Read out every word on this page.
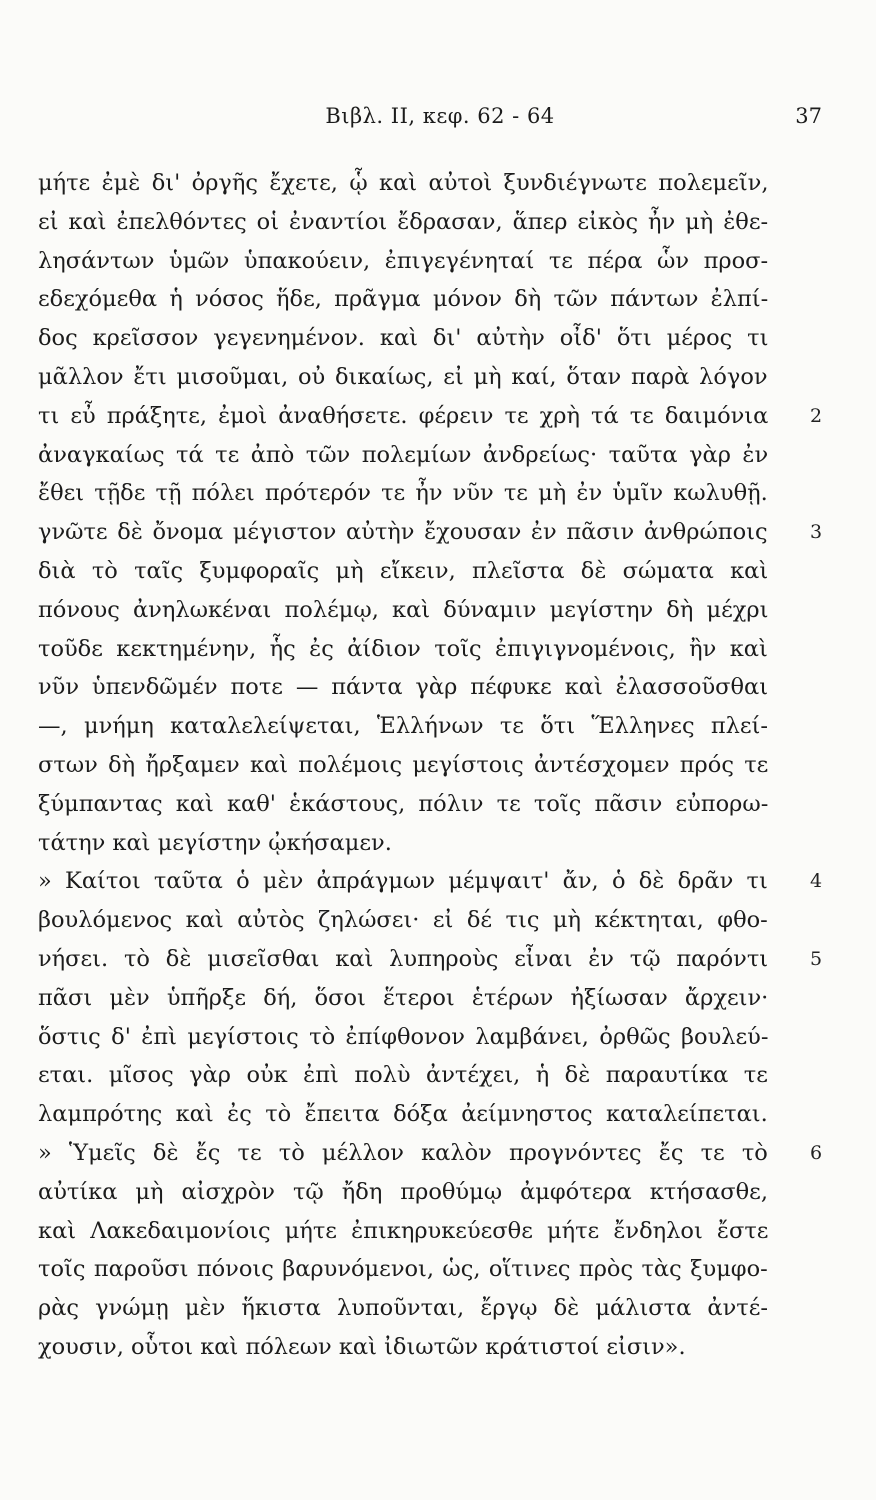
Βιβλ. II, κεφ. 62 - 64	37
μήτε ἐμὲ δι' ὀργῆς ἔχετε, ᾧ καὶ αὐτοὶ ξυνδιέγνωτε πολεμεῖν,
εἰ καὶ ἐπελθόντες οἱ ἐναντίοι ἔδρασαν, ἅπερ εἰκὸς ἦν μὴ ἐθε-
λησάντων ὑμῶν ὑπακούειν, ἐπιγεγένηταί τε πέρα ὧν προσ-
εδεχόμεθα ἡ νόσος ἥδε, πρᾶγμα μόνον δὴ τῶν πάντων ἐλπί-
δος κρεῖσσον γεγενημένον. καὶ δι' αὐτὴν οἶδ' ὅτι μέρος τι
μᾶλλον ἔτι μισοῦμαι, οὐ δικαίως, εἰ μὴ καί, ὅταν παρὰ λόγον
τι εὖ πράξητε, ἐμοὶ ἀναθήσετε. φέρειν τε χρὴ τά τε δαιμόνια 2
ἀναγκαίως τά τε ἀπὸ τῶν πολεμίων ἀνδρείως· ταῦτα γὰρ ἐν
ἔθει τῇδε τῇ πόλει πρότερόν τε ἦν νῦν τε μὴ ἐν ὑμῖν κωλυθῇ.
γνῶτε δὲ ὄνομα μέγιστον αὐτὴν ἔχουσαν ἐν πᾶσιν ἀνθρώποις 3
διὰ τὸ ταῖς ξυμφοραῖς μὴ εἴκειν, πλεῖστα δὲ σώματα καὶ
πόνους ἀνηλωκέναι πολέμῳ, καὶ δύναμιν μεγίστην δὴ μέχρι
τοῦδε κεκτημένην, ἧς ἐς ἀίδιον τοῖς ἐπιγιγνομένοις, ἢν καὶ
νῦν ὑπενδῶμέν ποτε — πάντα γὰρ πέφυκε καὶ ἐλασσοῦσθαι
—, μνήμη καταλελείψεται, Ἑλλήνων τε ὅτι Ἕλληνες πλεί-
στων δὴ ἤρξαμεν καὶ πολέμοις μεγίστοις ἀντέσχομεν πρός τε
ξύμπαντας καὶ καθ' ἑκάστους, πόλιν τε τοῖς πᾶσιν εὐπορω-
τάτην καὶ μεγίστην ᾠκήσαμεν.
» Καίτοι ταῦτα ὁ μὲν ἀπράγμων μέμψαιτ' ἄν, ὁ δὲ δρᾶν τι 4
βουλόμενος καὶ αὐτὸς ζηλώσει· εἰ δέ τις μὴ κέκτηται, φθο-
νήσει. τὸ δὲ μισεῖσθαι καὶ λυπηροὺς εἶναι ἐν τῷ παρόντι 5
πᾶσι μὲν ὑπῆρξε δή, ὅσοι ἕτεροι ἑτέρων ἠξίωσαν ἄρχειν·
ὅστις δ' ἐπὶ μεγίστοις τὸ ἐπίφθονον λαμβάνει, ὀρθῶς βουλεύ-
εται. μῖσος γὰρ οὐκ ἐπὶ πολὺ ἀντέχει, ἡ δὲ παραυτίκα τε
λαμπρότης καὶ ἐς τὸ ἔπειτα δόξα ἀείμνηστος καταλείπεται.
» Ὑμεῖς δὲ ἔς τε τὸ μέλλον καλὸν προγνόντες ἔς τε τὸ 6
αὐτίκα μὴ αἰσχρὸν τῷ ἤδη προθύμῳ ἀμφότερα κτήσασθε,
καὶ Λακεδαιμονίοις μήτε ἐπικηρυκεύεσθε μήτε ἔνδηλοι ἔστε
τοῖς παροῦσι πόνοις βαρυνόμενοι, ὡς, οἵτινες πρὸς τὰς ξυμφο-
ρὰς γνώμῃ μὲν ἥκιστα λυποῦνται, ἔργῳ δὲ μάλιστα ἀντέ-
χουσιν, οὗτοι καὶ πόλεων καὶ ἰδιωτῶν κράτιστοί εἰσιν».
